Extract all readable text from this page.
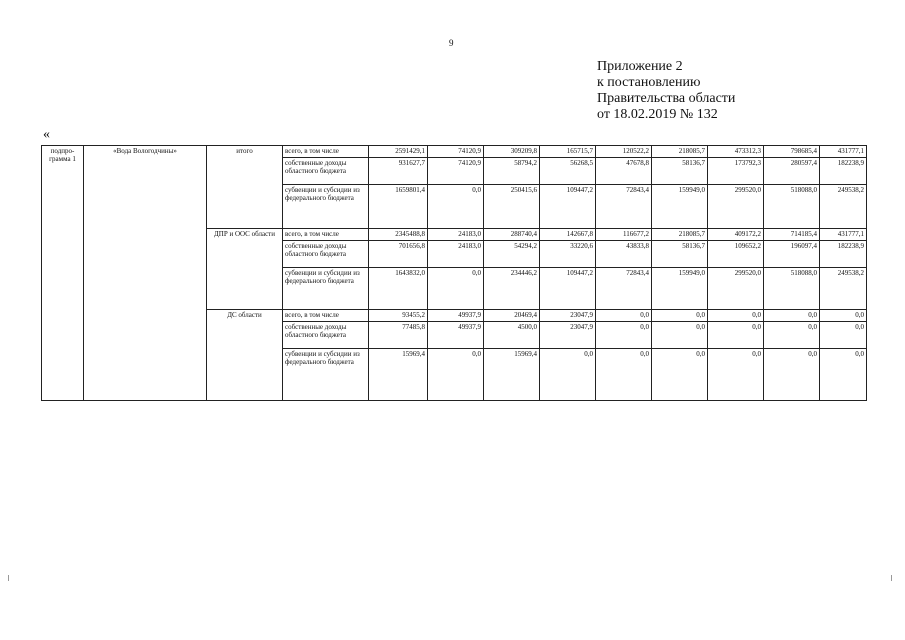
9
Приложение 2
к постановлению
Правительства области
от 18.02.2019 № 132
«
подпро-грамма 1	«Вода Вологодчины»	итого	всего, в том числе	2591429,1	74120,9	309209,8	165715,7	120522,2	218085,7	473312,3	798685,4	431777,1
			собственные доходы областного бюджета	931627,7	74120,9	58794,2	56268,5	47678,8	58136,7	173792,3	280597,4	182238,9
			субвенции и субсидии из федерального бюджета	1659801,4	0,0	250415,6	109447,2	72843,4	159949,0	299520,0	518088,0	249538,2
		ДПР и ООС области	всего, в том числе	2345488,8	24183,0	288740,4	142667,8	116677,2	218085,7	409172,2	714185,4	431777,1
			собственные доходы областного бюджета	701656,8	24183,0	54294,2	33220,6	43833,8	58136,7	109652,2	196097,4	182238,9
			субвенции и субсидии из федерального бюджета	1643832,0	0,0	234446,2	109447,2	72843,4	159949,0	299520,0	518088,0	249538,2
		ДС области	всего, в том числе	93455,2	49937,9	20469,4	23047,9	0,0	0,0	0,0	0,0	0,0
			собственные доходы областного бюджета	77485,8	49937,9	4500,0	23047,9	0,0	0,0	0,0	0,0	0,0
			субвенции и субсидии из федерального бюджета	15969,4	0,0	15969,4	0,0	0,0	0,0	0,0	0,0	0,0
